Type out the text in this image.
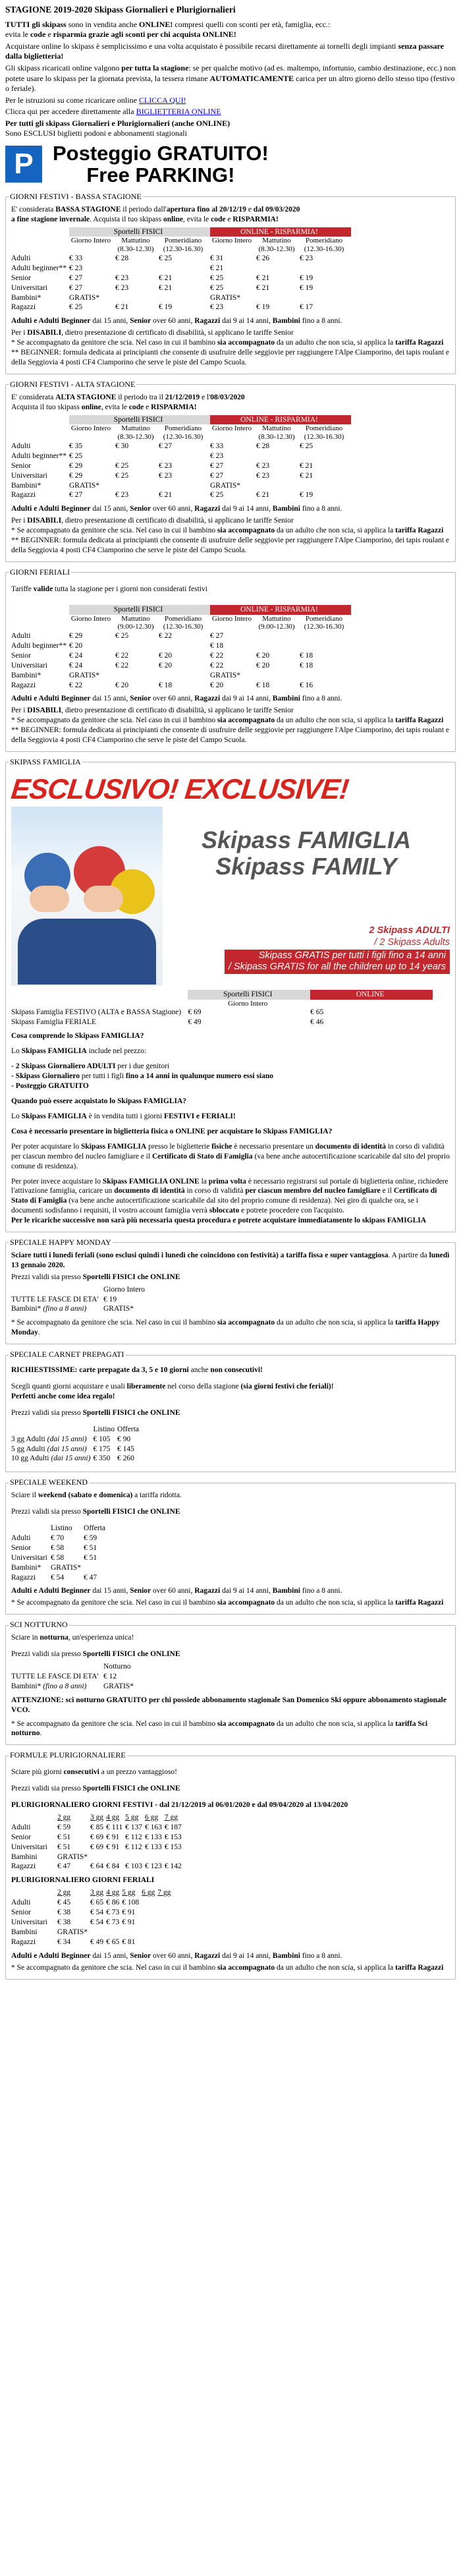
STAGIONE 2019-2020 Skipass Giornalieri e Plurigiornalieri

TUTTI gli skipass sono in vendita anche ONLINE! compresi quelli con sconti per età, famiglia, ecc.:
evita le code e risparmia grazie agli sconti per chi acquista ONLINE!

Acquistare online lo skipass è semplicissimo e una volta acquistato è possibile recarsi direttamente ai tornelli degli impianti senza passare dalla biglietteria!

Gli skipass ricaricati online valgono per tutta la stagione: se per qualche motivo (ad es. maltempo, infortunio, cambio destinazione, ecc.) non potete usare lo skipass per la giornata prevista, la tessera rimane AUTOMATICAMENTE carica per un altro giorno dello stesso tipo (festivo o feriale).

Per le istruzioni su come ricaricare online CLICCA QUI!

Clicca qui per accedere direttamente alla BIGLIETTERIA ONLINE

Per tutti gli skipass Giornalieri e Plurigiornalieri (anche ONLINE)
Sono ESCLUSI biglietti podoni e abbonamenti stagionali

P Posteggio GRATUITO!
Free PARKING!
GIORNI FESTIVI - BASSA STAGIONE

E' considerata BASSA STAGIONE il periodo dall'apertura fino al 20/12/19 e dal 09/03/2020
a fine stagione invernale. Acquista il tuo skipass online, evita le code e RISPARMIA!

	Sportelli FISICI			ONLINE - RISPARMIA!		
	Giorno Intero	Mattutino
(8.30-12.30)	Pomeridiano
(12.30-16.30)	Giorno Intero	Mattutino
(8.30-12.30)	Pomeridiano
(12.30-16.30)
Adulti	€ 33	€ 28	€ 25	€ 31	€ 26	€ 23
Adulti beginner**	€ 23			€ 21		
Senior	€ 27	€ 23	€ 21	€ 25	€ 21	€ 19
Universitari	€ 27	€ 23	€ 21	€ 25	€ 21	€ 19
Bambini*	GRATIS*			GRATIS*		
Ragazzi	€ 25	€ 21	€ 19	€ 23	€ 19	€ 17

Adulti e Adulti Beginner dai 15 anni, Senior over 60 anni, Ragazzi dai 9 ai 14 anni, Bambini fino a 8 anni.

Per i DISABILI, dietro presentazione di certificato di disabilità, si applicano le tariffe Senior
* Se accompagnato da genitore che scia. Nel caso in cui il bambino sia accompagnato da un adulto che non scia, si applica la tariffa Ragazzi
** BEGINNER: formula dedicata ai principianti che consente di usufruire delle seggiovie per raggiungere l'Alpe Ciamporino, dei tapis roulant e della Seggiovia 4 posti CF4 Ciamporino che serve le piste del Campo Scuola.

GIORNI FESTIVI - ALTA STAGIONE

E' considerata ALTA STAGIONE il periodo tra il 21/12/2019 e l'08/03/2020
Acquista il tuo skipass online, evita le code e RISPARMIA!

	Sportelli FISICI			ONLINE - RISPARMIA!		
	Giorno Intero	Mattutino
(8.30-12.30)	Pomeridiano
(12.30-16.30)	Giorno Intero	Mattutino
(8.30-12.30)	Pomeridiano
(12.30-16.30)
Adulti	€ 35	€ 30	€ 27	€ 33	€ 28	€ 25
Adulti beginner**	€ 25			€ 23		
Senior	€ 29	€ 25	€ 23	€ 27	€ 23	€ 21
Universitari	€ 29	€ 25	€ 23	€ 27	€ 23	€ 21
Bambini*	GRATIS*			GRATIS*		
Ragazzi	€ 27	€ 23	€ 21	€ 25	€ 21	€ 19

Adulti e Adulti Beginner dai 15 anni, Senior over 60 anni, Ragazzi dai 9 ai 14 anni, Bambini fino a 8 anni.

Per i DISABILI, dietro presentazione di certificato di disabilità, si applicano le tariffe Senior
* Se accompagnato da genitore che scia. Nel caso in cui il bambino sia accompagnato da un adulto che non scia, si applica la tariffa Ragazzi
** BEGINNER: formula dedicata ai principianti che consente di usufruire delle seggiovie per raggiungere l'Alpe Ciamporino, dei tapis roulant e della Seggiovia 4 posti CF4 Ciamporino che serve le piste del Campo Scuola.

GIORNI FERIALI

Tariffe valide tutta la stagione per i giorni non considerati festivi

	Sportelli FISICI			ONLINE - RISPARMIA!		
	Giorno Intero	Mattutino
(9.00-12.30)	Pomeridiano
(12.30-16.30)	Giorno Intero	Mattutino
(9.00-12.30)	Pomeridiano
(12.30-16.30)
Adulti	€ 29	€ 25	€ 22	€ 27		
Adulti beginner**	€ 20			€ 18		
Senior	€ 24	€ 22	€ 20	€ 22	€ 20	€ 18
Universitari	€ 24	€ 22	€ 20	€ 22	€ 20	€ 18
Bambini*	GRATIS*			GRATIS*		
Ragazzi	€ 22	€ 20	€ 18	€ 20	€ 18	€ 16

Adulti e Adulti Beginner dai 15 anni, Senior over 60 anni, Ragazzi dai 9 ai 14 anni, Bambini fino a 8 anni.

Per i DISABILI, dietro presentazione di certificato di disabilità, si applicano le tariffe Senior
* Se accompagnato da genitore che scia. Nel caso in cui il bambino sia accompagnato da un adulto che non scia, si applica la tariffa Ragazzi
** BEGINNER: formula dedicata ai principianti che consente di usufruire delle seggiovie per raggiungere l'Alpe Ciamporino, dei tapis roulant e della Seggiovia 4 posti CF4 Ciamporino che serve le piste del Campo Scuola.

SKIPASS FAMIGLIA
ESCLUSIVO! EXCLUSIVE!
Skipass FAMIGLIA
Skipass FAMILY
2 Skipass ADULTI
/ 2 Skipass Adults
Skipass GRATIS per tutti i figli fino a 14 anni
/ Skipass GRATIS for all the children up to 14 years
	Sportelli FISICI	ONLINE
	Giorno Intero	
Skipass Famiglia FESTIVO (ALTA e BASSA Stagione)	€ 69	€ 65
Skipass Famiglia FERIALE	€ 49	€ 46

Cosa comprende lo Skipass FAMIGLIA?

Lo Skipass FAMIGLIA include nel prezzo:

- 2 Skipass Giornaliero ADULTI per i due genitori
- Skipass Giornaliero per tutti i figli fino a 14 anni in qualunque numero essi siano
- Posteggio GRATUITO

Quando può essere acquistato lo Skipass FAMIGLIA?

Lo Skipass FAMIGLIA è in vendita tutti i giorni FESTIVI e FERIALI!

Cosa è necessario presentare in biglietteria fisica o ONLINE per acquistare lo Skipass FAMIGLIA?

Per poter acquistare lo Skipass FAMIGLIA presso le biglietterie fisiche è necessario presentare un documento di identità in corso di validità per ciascun membro del nucleo famigliare e il Certificato di Stato di Famiglia (va bene anche autocertificazione scaricabile dal sito del proprio comune di residenza).

Per poter invece acquistare lo Skipass FAMIGLIA ONLINE la prima volta è necessario registrarsi sul portale di biglietteria online, richiedere l'attivazione famiglia, caricare un documento di identità in corso di validità per ciascun membro del nucleo famigliare e il Certificato di Stato di Famiglia (va bene anche autocertificazione scaricabile dal sito del proprio comune di residenza). Nei giro di qualche ora, se i documenti sodisfanno i requisiti, il vostro account famiglia verrà sbloccato e potrete procedere con l'acquisto.
Per le ricariche successive non sarà più necessaria questa procedura e potrete acquistare immediatamente lo skipass FAMIGLIA

SPECIALE HAPPY MONDAY

Sciare tutti i lunedì feriali (sono esclusi quindi i lunedì che coincidono con festività) a tariffa fissa e super vantaggiosa. A partire da lunedì 13 gennaio 2020.

Prezzi validi sia presso Sportelli FISICI che ONLINE

	Giorno Intero
TUTTE LE FASCE DI ETA'	€ 19
Bambini* (fino a 8 anni)	GRATIS*

* Se accompagnato da genitore che scia. Nel caso in cui il bambino sia accompagnato da un adulto che non scia, si applica la tariffa Happy Monday.

SPECIALE CARNET PREPAGATI

RICHIESTISSIME: carte prepagate da 3, 5 e 10 giorni anche non consecutivi!

Scegli quanti giorni acquistare e usali liberamente nel corso della stagione (sia giorni festivi che feriali)!
Perfetti anche come idea regalo!

Prezzi validi sia presso Sportelli FISICI che ONLINE

	Listino	Offerta
3 gg Adulti (dai 15 anni)	€ 105	€ 90
5 gg Adulti (dai 15 anni)	€ 175	€ 145
10 gg Adulti (dai 15 anni)	€ 350	€ 260
SPECIALE WEEKEND

Sciare il weekend (sabato e domenica) a tariffa ridotta.

Prezzi validi sia presso Sportelli FISICI che ONLINE

	Listino	Offerta
Adulti	€ 70	€ 59
Senior	€ 58	€ 51
Universitari	€ 58	€ 51
Bambini*	GRATIS*	
Ragazzi	€ 54	€ 47

Adulti e Adulti Beginner dai 15 anni, Senior over 60 anni, Ragazzi dai 9 ai 14 anni, Bambini fino a 8 anni.

* Se accompagnato da genitore che scia. Nel caso in cui il bambino sia accompagnato da un adulto che non scia, si applica la tariffa Ragazzi

SCI NOTTURNO

Sciare in notturna, un'esperienza unica!

Prezzi validi sia presso Sportelli FISICI che ONLINE

	Notturno
TUTTE LE FASCE DI ETA'	€ 12
Bambini* (fino a 8 anni)	GRATIS*

ATTENZIONE: sci notturno GRATUITO per chi possiede abbonamento stagionale San Domenico Ski oppure abbonamento stagionale VCO.

* Se accompagnato da genitore che scia. Nel caso in cui il bambino sia accompagnato da un adulto che non scia, si applica la tariffa Sci notturno.

FORMULE PLURIGIORNALIERE

Sciare più giorni consecutivi a un prezzo vantaggioso!

Prezzi validi sia presso Sportelli FISICI che ONLINE

PLURIGIORNALIERO GIORNI FESTIVI - dal 21/12/2019 al 06/01/2020 e dal 09/04/2020 al 13/04/2020

	2 gg	3 gg	4 gg	5 gg	6 gg	7 gg
Adulti	€ 59	€ 85	€ 111	€ 137	€ 163	€ 187
Senior	€ 51	€ 69	€ 91	€ 112	€ 133	€ 153
Universitari	€ 51	€ 69	€ 91	€ 112	€ 133	€ 153
Bambini	GRATIS*					
Ragazzi	€ 47	€ 64	€ 84	€ 103	€ 123	€ 142

PLURIGIORNALIERO GIORNI FERIALI

	2 gg	3 gg	4 gg	5 gg	6 gg	7 gg
Adulti	€ 45	€ 65	€ 86	€ 108		
Senior	€ 38	€ 54	€ 73	€ 91		
Universitari	€ 38	€ 54	€ 73	€ 91		
Bambini	GRATIS*					
Ragazzi	€ 34	€ 49	€ 65	€ 81		

Adulti e Adulti Beginner dai 15 anni, Senior over 60 anni, Ragazzi dai 9 ai 14 anni, Bambini fino a 8 anni.

* Se accompagnato da genitore che scia. Nel caso in cui il bambino sia accompagnato da un adulto che non scia, si applica la tariffa Ragazzi
